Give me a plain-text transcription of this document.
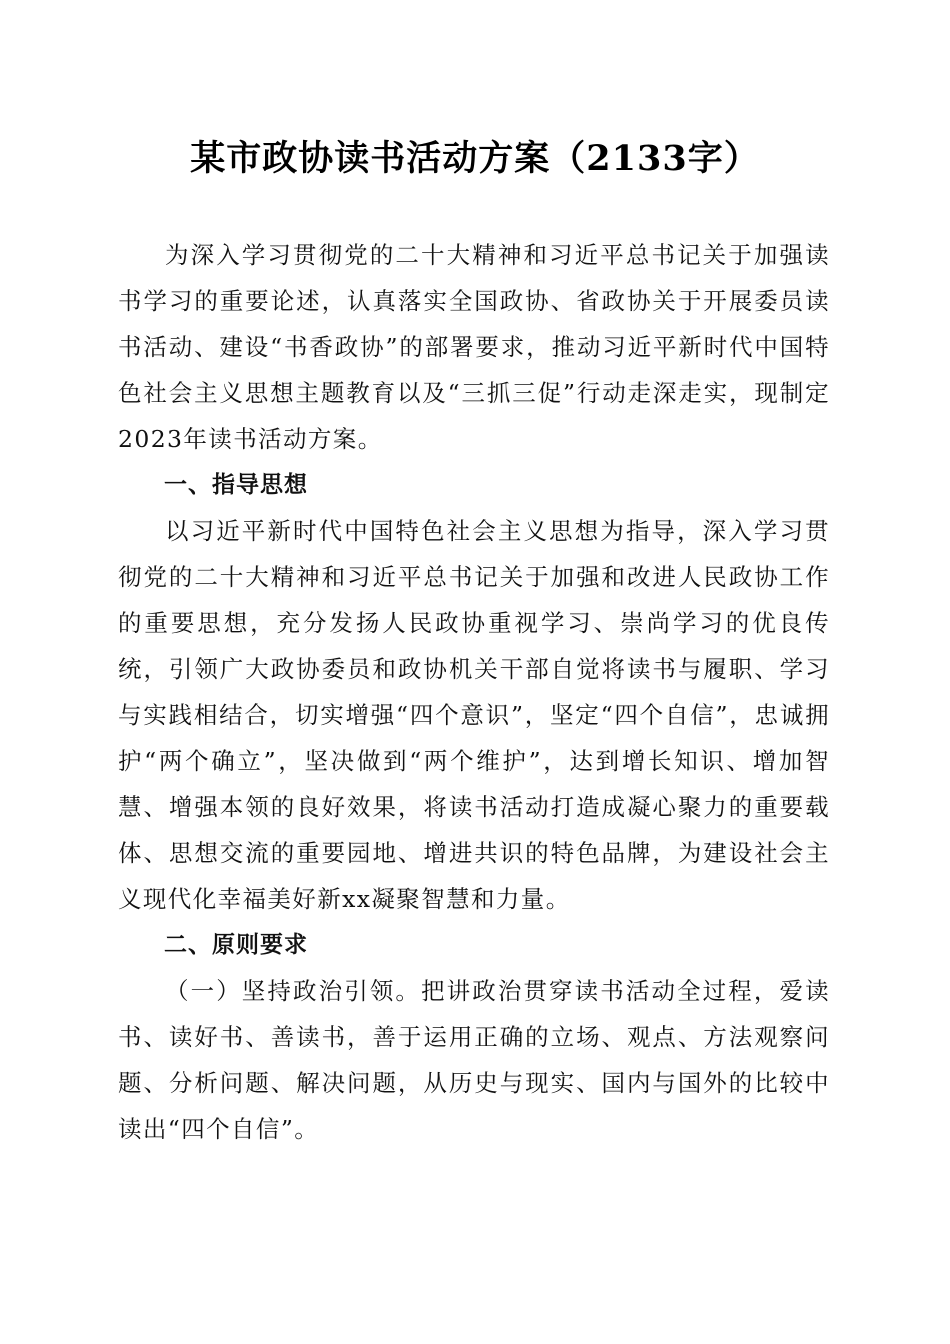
某市政协读书活动方案（2133字）

为深入学习贯彻党的二十大精神和习近平总书记关于加强读书学习的重要论述，认真落实全国政协、省政协关于开展委员读书活动、建设“书香政协”的部署要求，推动习近平新时代中国特色社会主义思想主题教育以及“三抓三促”行动走深走实，现制定2023年读书活动方案。

一、指导思想

以习近平新时代中国特色社会主义思想为指导，深入学习贯彻党的二十大精神和习近平总书记关于加强和改进人民政协工作的重要思想，充分发扬人民政协重视学习、崇尚学习的优良传统，引领广大政协委员和政协机关干部自觉将读书与履职、学习与实践相结合，切实增强“四个意识”，坚定“四个自信”，忠诚拥护“两个确立”，坚决做到“两个维护”，达到增长知识、增加智慧、增强本领的良好效果，将读书活动打造成凝心聚力的重要载体、思想交流的重要园地、增进共识的特色品牌，为建设社会主义现代化幸福美好新xx凝聚智慧和力量。

二、原则要求

（一）坚持政治引领。把讲政治贯穿读书活动全过程，爱读书、读好书、善读书，善于运用正确的立场、观点、方法观察问题、分析问题、解决问题，从历史与现实、国内与国外的比较中读出“四个自信”。
